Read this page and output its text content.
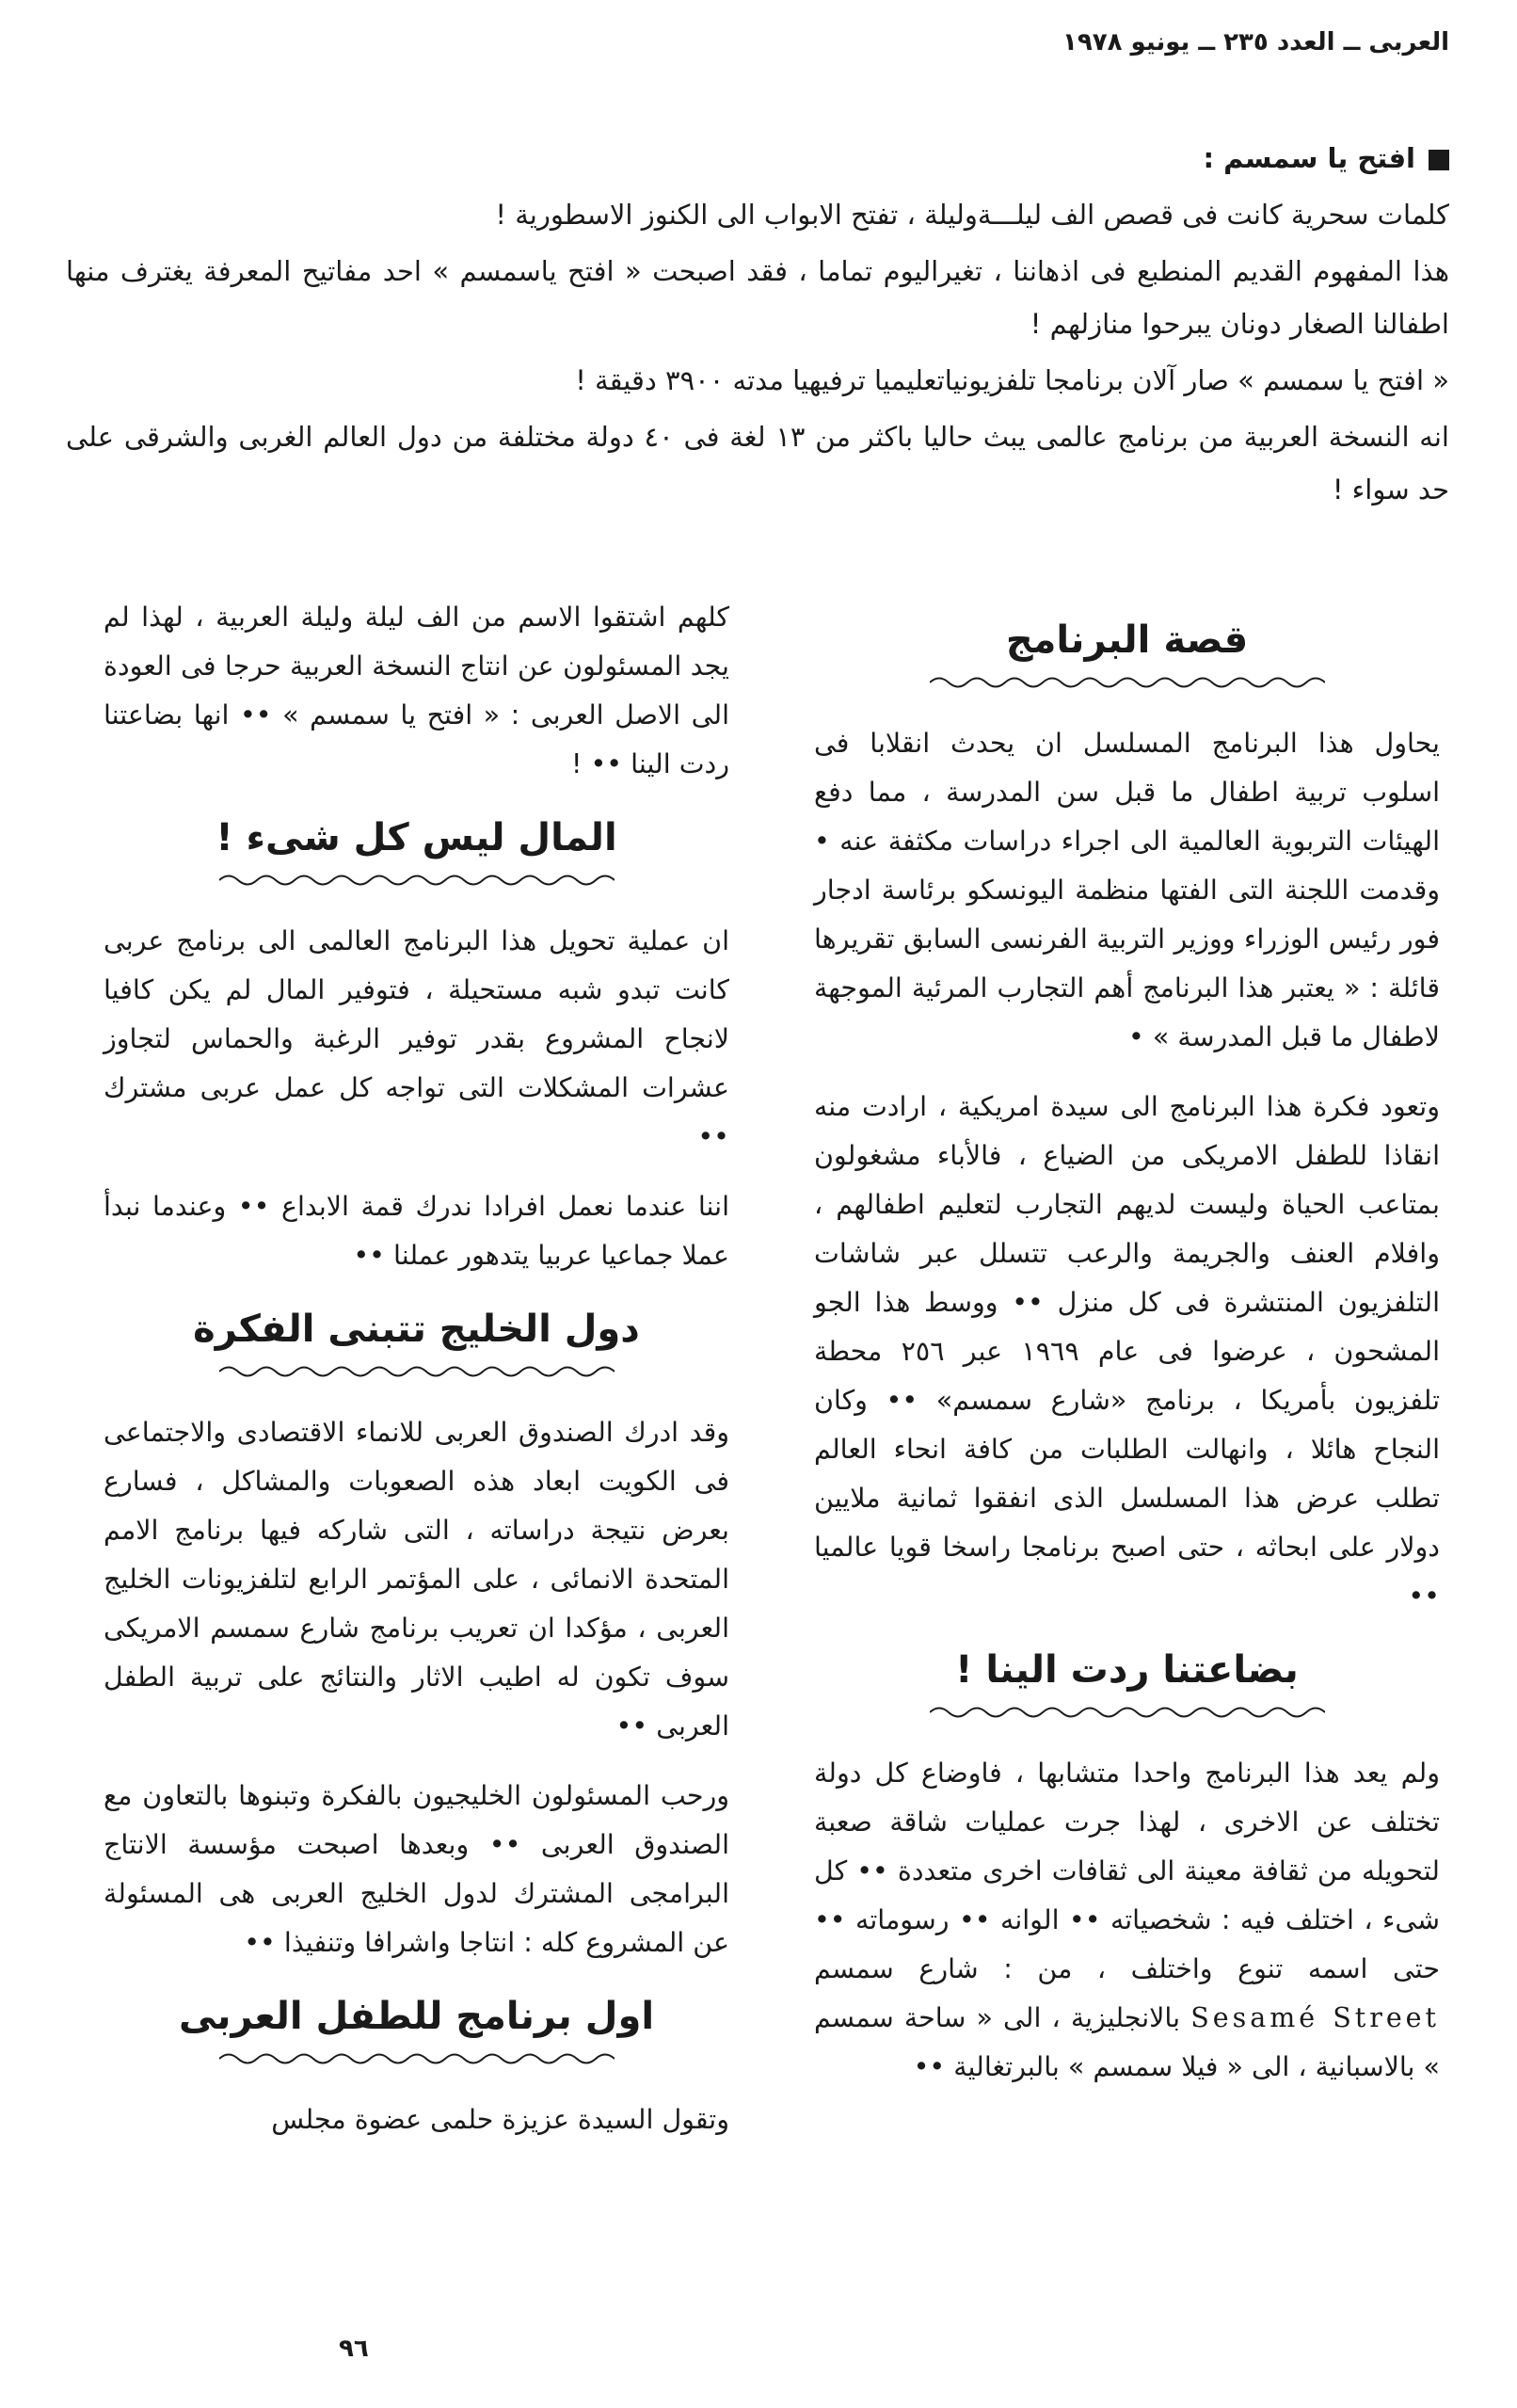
العربى ــ العدد ٢٣٥ ــ يونيو ١٩٧٨

افتح يا سمسم :

كلمات سحرية كانت فى قصص الف ليلـــةوليلة ، تفتح الابواب الى الكنوز الاسطورية !

هذا المفهوم القديم المنطبع فى اذهاننا ، تغيراليوم تماما ، فقد اصبحت « افتح ياسمسم » احد مفاتيح المعرفة يغترف منها اطفالنا الصغار دونان يبرحوا منازلهم !

« افتح يا سمسم » صار آلان برنامجا تلفزيونياتعليميا ترفيهيا مدته ٣٩٠٠ دقيقة !

انه النسخة العربية من برنامج عالمى يبث حاليا باكثر من ١٣ لغة فى ٤٠ دولة مختلفة من دول العالم الغربى والشرقى على حد سواء !

قصة البرنامج

يحاول هذا البرنامج المسلسل ان يحدث انقلابا فى اسلوب تربية اطفال ما قبل سن المدرسة ، مما دفع الهيئات التربوية العالمية الى اجراء دراسات مكثفة عنه • وقدمت اللجنة التى الفتها منظمة اليونسكو برئاسة ادجار فور رئيس الوزراء ووزير التربية الفرنسى السابق تقريرها قائلة : « يعتبر هذا البرنامج أهم التجارب المرئية الموجهة لاطفال ما قبل المدرسة » •

وتعود فكرة هذا البرنامج الى سيدة امريكية ، ارادت منه انقاذا للطفل الامريكى من الضياع ، فالأباء مشغولون بمتاعب الحياة وليست لديهم التجارب لتعليم اطفالهم ، وافلام العنف والجريمة والرعب تتسلل عبر شاشات التلفزيون المنتشرة فى كل منزل •• ووسط هذا الجو المشحون ، عرضوا فى عام ١٩٦٩ عبر ٢٥٦ محطة تلفزيون بأمريكا ، برنامج «شارع سمسم» •• وكان النجاح هائلا ، وانهالت الطلبات من كافة انحاء العالم تطلب عرض هذا المسلسل الذى انفقوا ثمانية ملايين دولار على ابحاثه ، حتى اصبح برنامجا راسخا قويا عالميا ••

بضاعتنا ردت الينا !

ولم يعد هذا البرنامج واحدا متشابها ، فاوضاع كل دولة تختلف عن الاخرى ، لهذا جرت عمليات شاقة صعبة لتحويله من ثقافة معينة الى ثقافات اخرى متعددة •• كل شىء ، اختلف فيه : شخصياته •• الوانه •• رسوماته •• حتى اسمه تنوع واختلف ، من : شارع سمسم Sesamé Street بالانجليزية ، الى « ساحة سمسم » بالاسبانية ، الى « فيلا سمسم » بالبرتغالية ••

كلهم اشتقوا الاسم من الف ليلة وليلة العربية ، لهذا لم يجد المسئولون عن انتاج النسخة العربية حرجا فى العودة الى الاصل العربى : « افتح يا سمسم » •• انها بضاعتنا ردت الينا •• !

المال ليس كل شىء !

ان عملية تحويل هذا البرنامج العالمى الى برنامج عربى كانت تبدو شبه مستحيلة ، فتوفير المال لم يكن كافيا لانجاح المشروع بقدر توفير الرغبة والحماس لتجاوز عشرات المشكلات التى تواجه كل عمل عربى مشترك ••

اننا عندما نعمل افرادا ندرك قمة الابداع •• وعندما نبدأ عملا جماعيا عربيا يتدهور عملنا ••

دول الخليج تتبنى الفكرة

وقد ادرك الصندوق العربى للانماء الاقتصادى والاجتماعى فى الكويت ابعاد هذه الصعوبات والمشاكل ، فسارع بعرض نتيجة دراساته ، التى شاركه فيها برنامج الامم المتحدة الانمائى ، على المؤتمر الرابع لتلفزيونات الخليج العربى ، مؤكدا ان تعريب برنامج شارع سمسم الامريكى سوف تكون له اطيب الاثار والنتائج على تربية الطفل العربى ••

ورحب المسئولون الخليجيون بالفكرة وتبنوها بالتعاون مع الصندوق العربى •• وبعدها اصبحت مؤسسة الانتاج البرامجى المشترك لدول الخليج العربى هى المسئولة عن المشروع كله : انتاجا واشرافا وتنفيذا ••

اول برنامج للطفل العربى

وتقول السيدة عزيزة حلمى عضوة مجلس

٩٦
